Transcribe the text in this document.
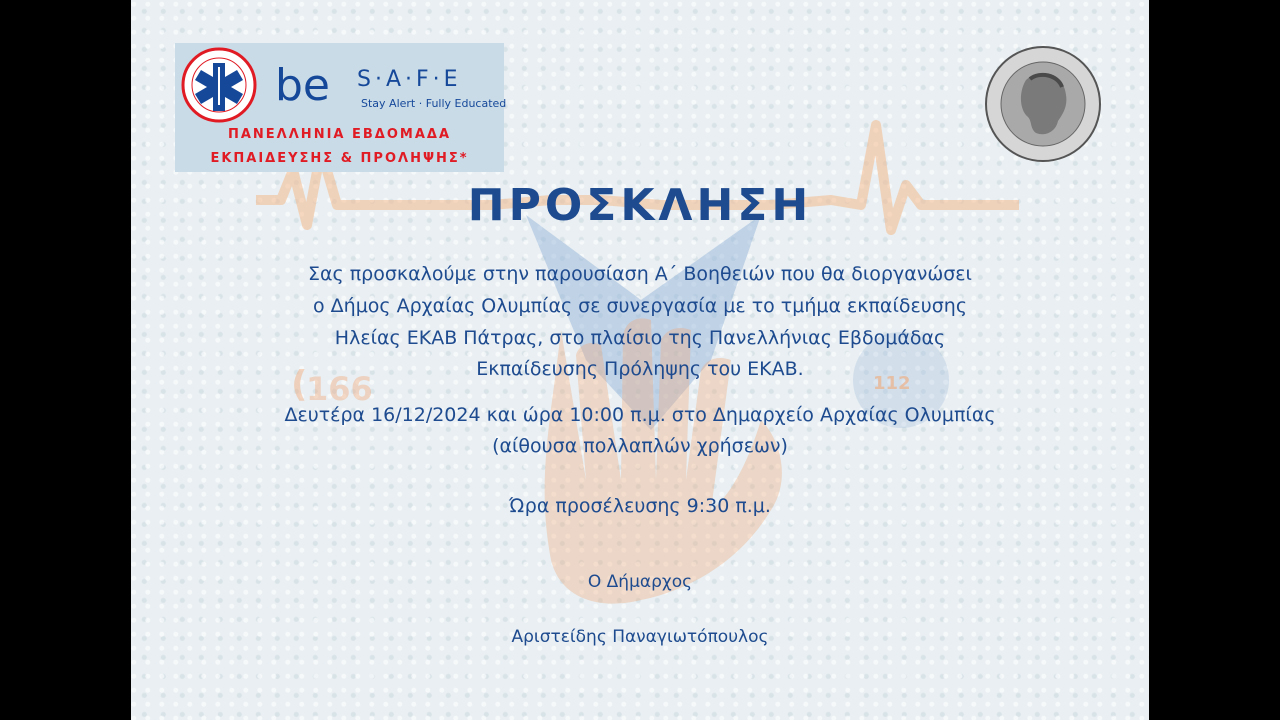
(
166	112
be S·A·F·E
Stay Alert · Fully Educated
ΠΑΝΕΛΛΗΝΙΑ ΕΒΔΟΜΑΔΑ
ΕΚΠΑΙΔΕΥΣΗΣ & ΠΡΟΛΗΨΗΣ*
ΠΡΟΣΚΛΗΣΗ
Σας προσκαλούμε στην παρουσίαση Α΄ Βοηθειών που θα διοργανώσει
ο Δήμος Αρχαίας Ολυμπίας σε συνεργασία με το τμήμα εκπαίδευσης
Ηλείας ΕΚΑΒ Πάτρας, στο πλαίσιο της Πανελλήνιας Εβδομάδας
Εκπαίδευσης Πρόληψης του ΕΚΑΒ.
Δευτέρα 16/12/2024 και ώρα 10:00 π.μ. στο Δημαρχείο Αρχαίας Ολυμπίας
(αίθουσα πολλαπλών χρήσεων)
Ώρα προσέλευσης 9:30 π.μ.
Ο Δήμαρχος
Αριστείδης Παναγιωτόπουλος
